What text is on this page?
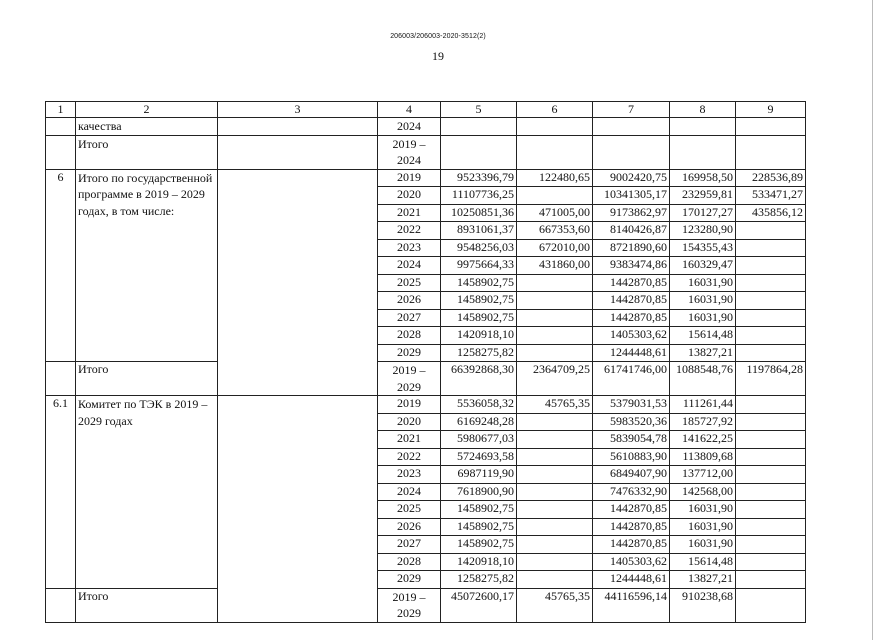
206003/206003-2020-3512(2)
19
1	2	3	4	5	6	7	8	9
	качества		2024					
	Итого		2019 – 2024					
6	Итого по государственной программе в 2019 – 2029 годах, в том числе:		2019	9523396,79	122480,65	9002420,75	169958,50	228536,89
			2020	11107736,25		10341305,17	232959,81	533471,27
			2021	10250851,36	471005,00	9173862,97	170127,27	435856,12
			2022	8931061,37	667353,60	8140426,87	123280,90	
			2023	9548256,03	672010,00	8721890,60	154355,43	
			2024	9975664,33	431860,00	9383474,86	160329,47	
			2025	1458902,75		1442870,85	16031,90	
			2026	1458902,75		1442870,85	16031,90	
			2027	1458902,75		1442870,85	16031,90	
			2028	1420918,10		1405303,62	15614,48	
			2029	1258275,82		1244448,61	13827,21	
	Итого		2019 – 2029	66392868,30	2364709,25	61741746,00	1088548,76	1197864,28
6.1	Комитет по ТЭК в 2019 – 2029 годах		2019	5536058,32	45765,35	5379031,53	111261,44	
			2020	6169248,28		5983520,36	185727,92	
			2021	5980677,03		5839054,78	141622,25	
			2022	5724693,58		5610883,90	113809,68	
			2023	6987119,90		6849407,90	137712,00	
			2024	7618900,90		7476332,90	142568,00	
			2025	1458902,75		1442870,85	16031,90	
			2026	1458902,75		1442870,85	16031,90	
			2027	1458902,75		1442870,85	16031,90	
			2028	1420918,10		1405303,62	15614,48	
			2029	1258275,82		1244448,61	13827,21	
	Итого		2019 – 2029	45072600,17	45765,35	44116596,14	910238,68	
